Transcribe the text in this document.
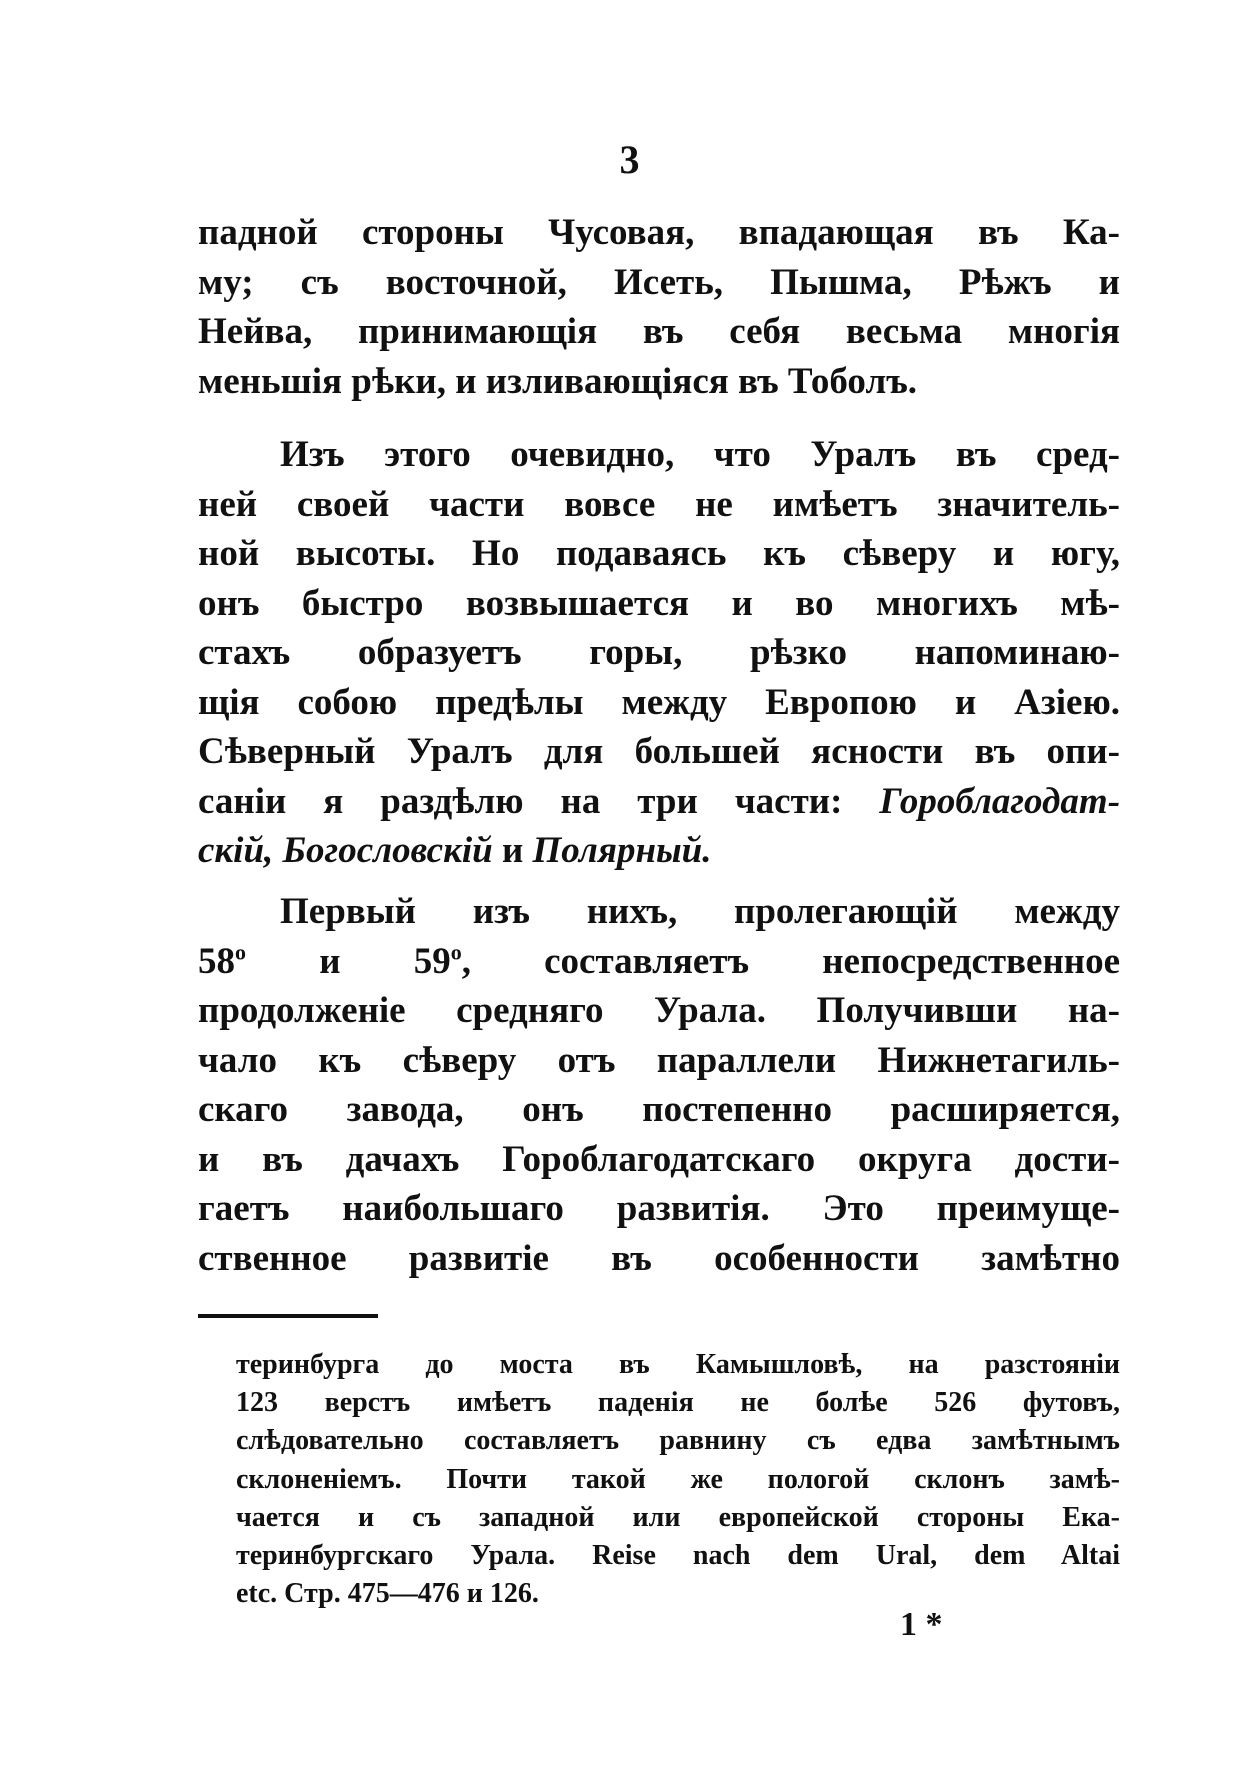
3
падной стороны Чусовая, впадающая въ Ка-
му; съ восточной, Исеть, Пышма, Рѣжъ и
Нейва, принимающія въ себя весьма многія
меньшія рѣки, и изливающіяся въ Тоболъ.
Изъ этого очевидно, что Уралъ въ сред-
ней своей части вовсе не имѣетъ значитель-
ной высоты. Но подаваясь къ сѣверу и югу,
онъ быстро возвышается и во многихъ мѣ-
стахъ образуетъ горы, рѣзко напоминаю-
щія собою предѣлы между Европою и Азіею.
Сѣверный Уралъ для большей ясности въ опи-
саніи я раздѣлю на три части: Гороблагодат-
скій, Богословскій и Полярный.
Первый изъ нихъ, пролегающій между
$58^о$ и $59^о$, составляетъ непосредственное
продолженіе средняго Урала. Получивши на-
чало къ сѣверу отъ параллели Нижнетагиль-
скаго завода, онъ постепенно расширяется,
и въ дачахъ Гороблагодатскаго округа дости-
гаетъ наибольшаго развитія. Это преимуще-
ственное развитіе въ особенности замѣтно
теринбурга до моста въ Камышловѣ, на разстояніи
123 верстъ имѣетъ паденія не болѣе 526 футовъ,
слѣдовательно составляетъ равнину съ едва замѣтнымъ
склоненіемъ. Почти такой же пологой склонъ замѣ-
чается и съ западной или европейской стороны Ека-
теринбургскаго Урала. Reise nach dem Ural, dem Altai
etc. Стр. 475—476 и 126.
1 *
